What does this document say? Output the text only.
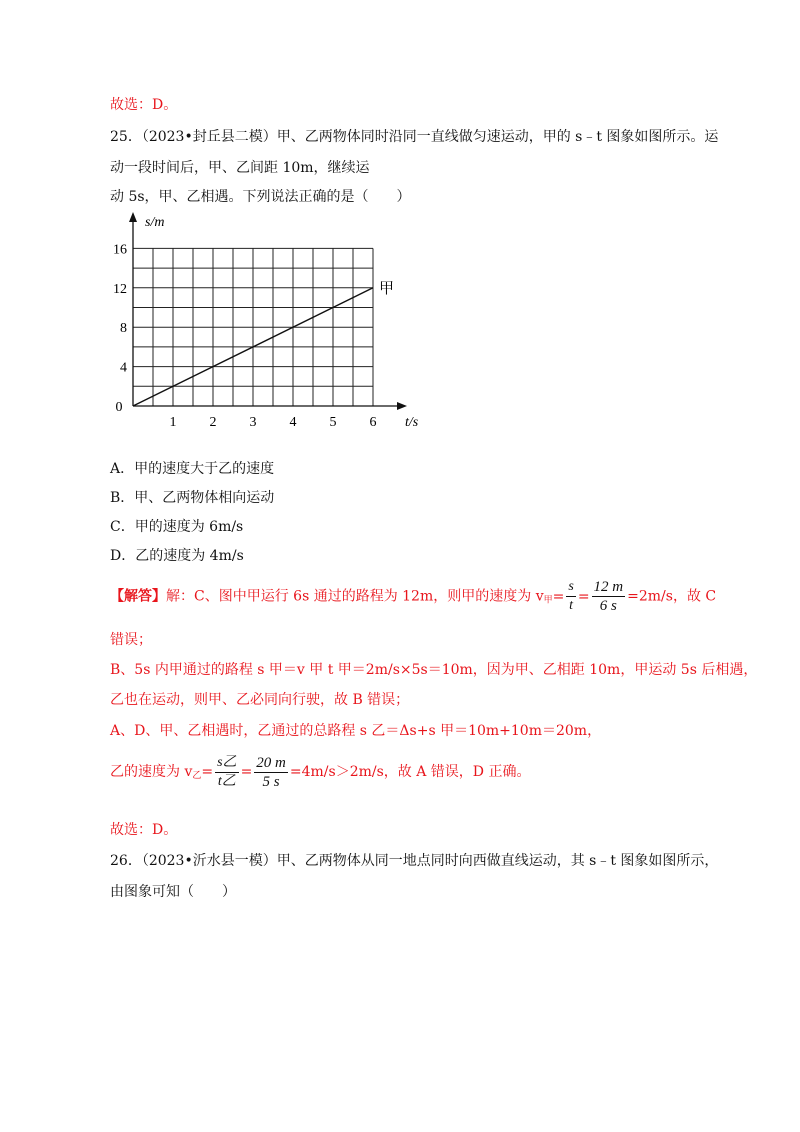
故选：D。
25．（2023•封丘县二模）甲、乙两物体同时沿同一直线做匀速运动，甲的 s﹣t 图象如图所示。运
动一段时间后，甲、乙间距 10m，继续运
动 5s，甲、乙相遇。下列说法正确的是（　　）
s/m
t/s
0
1 2 3 4 5 6
4
8
12
16
甲
A．甲的速度大于乙的速度
B．甲、乙两物体相向运动
C．甲的速度为 6m/s
D．乙的速度为 4m/s
【解答】解：C、图中甲运行 6s 通过的路程为 12m，则甲的速度为 $v_甲= \frac{s}{t} = \frac{12 m}{6 s} =2m/s$，故 C
错误；
B、5s 内甲通过的路程 s 甲＝v 甲 t 甲＝2m/s×5s＝10m，因为甲、乙相距 10m，甲运动 5s 后相遇，
乙也在运动，则甲、乙必同向行驶，故 B 错误；
A、D、甲、乙相遇时，乙通过的总路程 s 乙＝Δs+s 甲＝10m+10m＝20m，
乙的速度为 $v_乙= \frac{\text{s乙}}{\text{t乙}} = \frac{20 m}{5 s} =4m/s>2m/s$，故 A 错误，D 正确。
故选：D。
26．（2023•沂水县一模）甲、乙两物体从同一地点同时向西做直线运动，其 s﹣t 图象如图所示，
由图象可知（　　）
